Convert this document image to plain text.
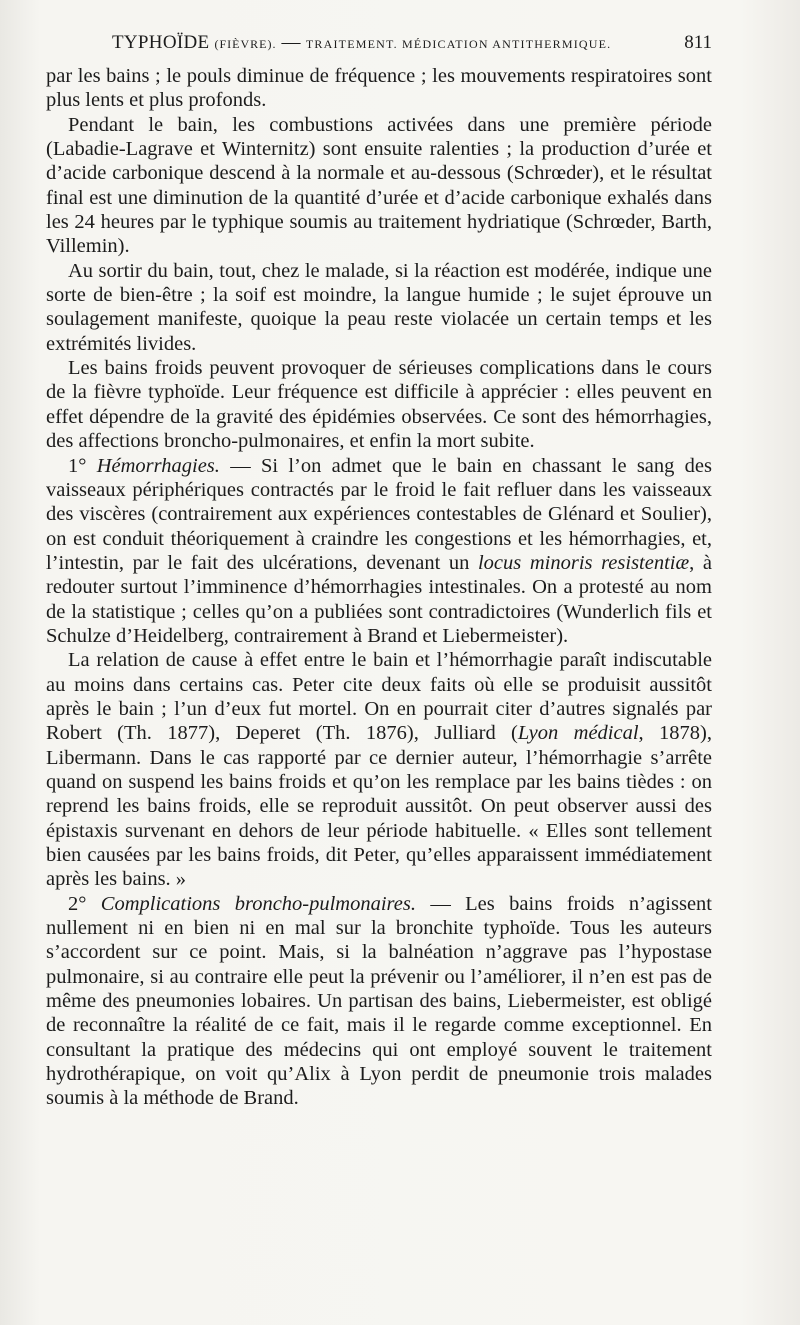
TYPHOÏDE (FIÈVRE). — TRAITEMENT. MÉDICATION ANTITHERMIQUE.	811

par les bains ; le pouls diminue de fréquence ; les mouvements respiratoires sont plus lents et plus profonds.

Pendant le bain, les combustions activées dans une première période (Labadie-Lagrave et Winternitz) sont ensuite ralenties ; la production d’urée et d’acide carbonique descend à la normale et au-dessous (Schrœder), et le résultat final est une diminution de la quantité d’urée et d’acide carbonique exhalés dans les 24 heures par le typhique soumis au traitement hydriatique (Schrœder, Barth, Villemin).

Au sortir du bain, tout, chez le malade, si la réaction est modérée, indique une sorte de bien-être ; la soif est moindre, la langue humide ; le sujet éprouve un soulagement manifeste, quoique la peau reste violacée un certain temps et les extrémités livides.

Les bains froids peuvent provoquer de sérieuses complications dans le cours de la fièvre typhoïde. Leur fréquence est difficile à apprécier : elles peuvent en effet dépendre de la gravité des épidémies observées. Ce sont des hémorrhagies, des affections broncho-pulmonaires, et enfin la mort subite.

1° Hémorrhagies. — Si l’on admet que le bain en chassant le sang des vaisseaux périphériques contractés par le froid le fait refluer dans les vaisseaux des viscères (contrairement aux expériences contestables de Glénard et Soulier), on est conduit théoriquement à craindre les congestions et les hémorrhagies, et, l’intestin, par le fait des ulcérations, devenant un locus minoris resistentiæ, à redouter surtout l’imminence d’hémorrhagies intestinales. On a protesté au nom de la statistique ; celles qu’on a publiées sont contradictoires (Wunderlich fils et Schulze d’Heidelberg, contrairement à Brand et Liebermeister).

La relation de cause à effet entre le bain et l’hémorrhagie paraît indiscutable au moins dans certains cas. Peter cite deux faits où elle se produisit aussitôt après le bain ; l’un d’eux fut mortel. On en pourrait citer d’autres signalés par Robert (Th. 1877), Deperet (Th. 1876), Julliard (Lyon médical, 1878), Libermann. Dans le cas rapporté par ce dernier auteur, l’hémorrhagie s’arrête quand on suspend les bains froids et qu’on les remplace par les bains tièdes : on reprend les bains froids, elle se reproduit aussitôt. On peut observer aussi des épistaxis survenant en dehors de leur période habituelle. « Elles sont tellement bien causées par les bains froids, dit Peter, qu’elles apparaissent immédiatement après les bains. »

2° Complications broncho-pulmonaires. — Les bains froids n’agissent nullement ni en bien ni en mal sur la bronchite typhoïde. Tous les auteurs s’accordent sur ce point. Mais, si la balnéation n’aggrave pas l’hypostase pulmonaire, si au contraire elle peut la prévenir ou l’améliorer, il n’en est pas de même des pneumonies lobaires. Un partisan des bains, Liebermeister, est obligé de reconnaître la réalité de ce fait, mais il le regarde comme exceptionnel. En consultant la pratique des médecins qui ont employé souvent le traitement hydrothérapique, on voit qu’Alix à Lyon perdit de pneumonie trois malades soumis à la méthode de Brand.
